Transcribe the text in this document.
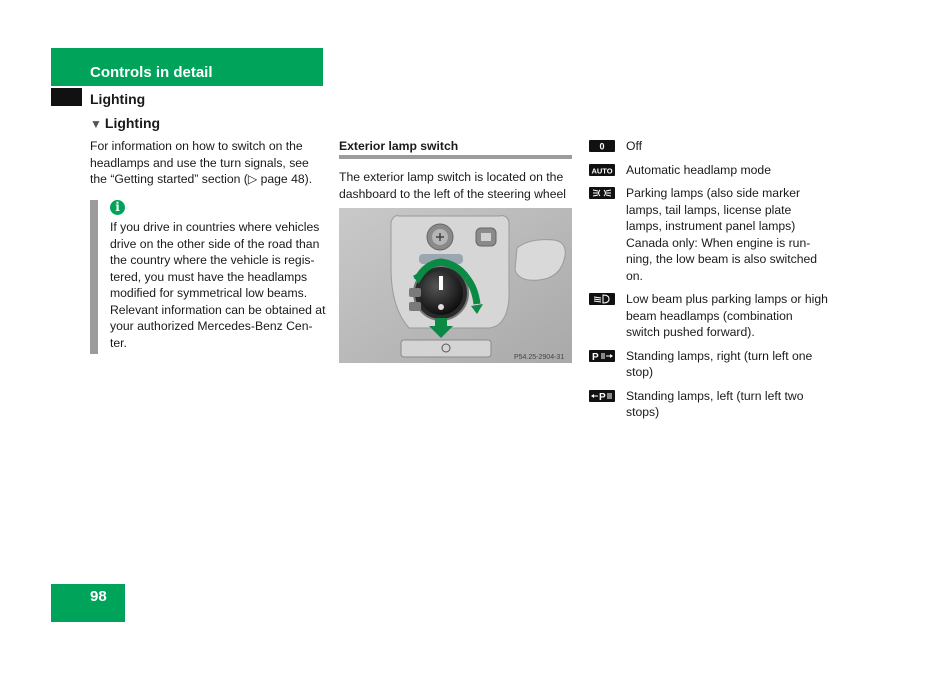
Controls in detail
Lighting
▼ Lighting
For information on how to switch on the headlamps and use the turn signals, see the “Getting started” section (▷ page 48).
i
If you drive in countries where vehicles drive on the other side of the road than the country where the vehicle is regis-tered, you must have the headlamps modified for symmetrical low beams. Relevant information can be obtained at your authorized Mercedes-Benz Cen-ter.
Exterior lamp switch
The exterior lamp switch is located on the dashboard to the left of the steering wheel
P54.25-2904-31
0 Off
AUTO Automatic headlamp mode
Parking lamps (also side marker lamps, tail lamps, license plate lamps, instrument panel lamps) Canada only: When engine is run-ning, the low beam is also switched on.
Low beam plus parking lamps or high beam headlamps (combination switch pushed forward).
P Standing lamps, right (turn left one stop)
P Standing lamps, left (turn left two stops)
98
